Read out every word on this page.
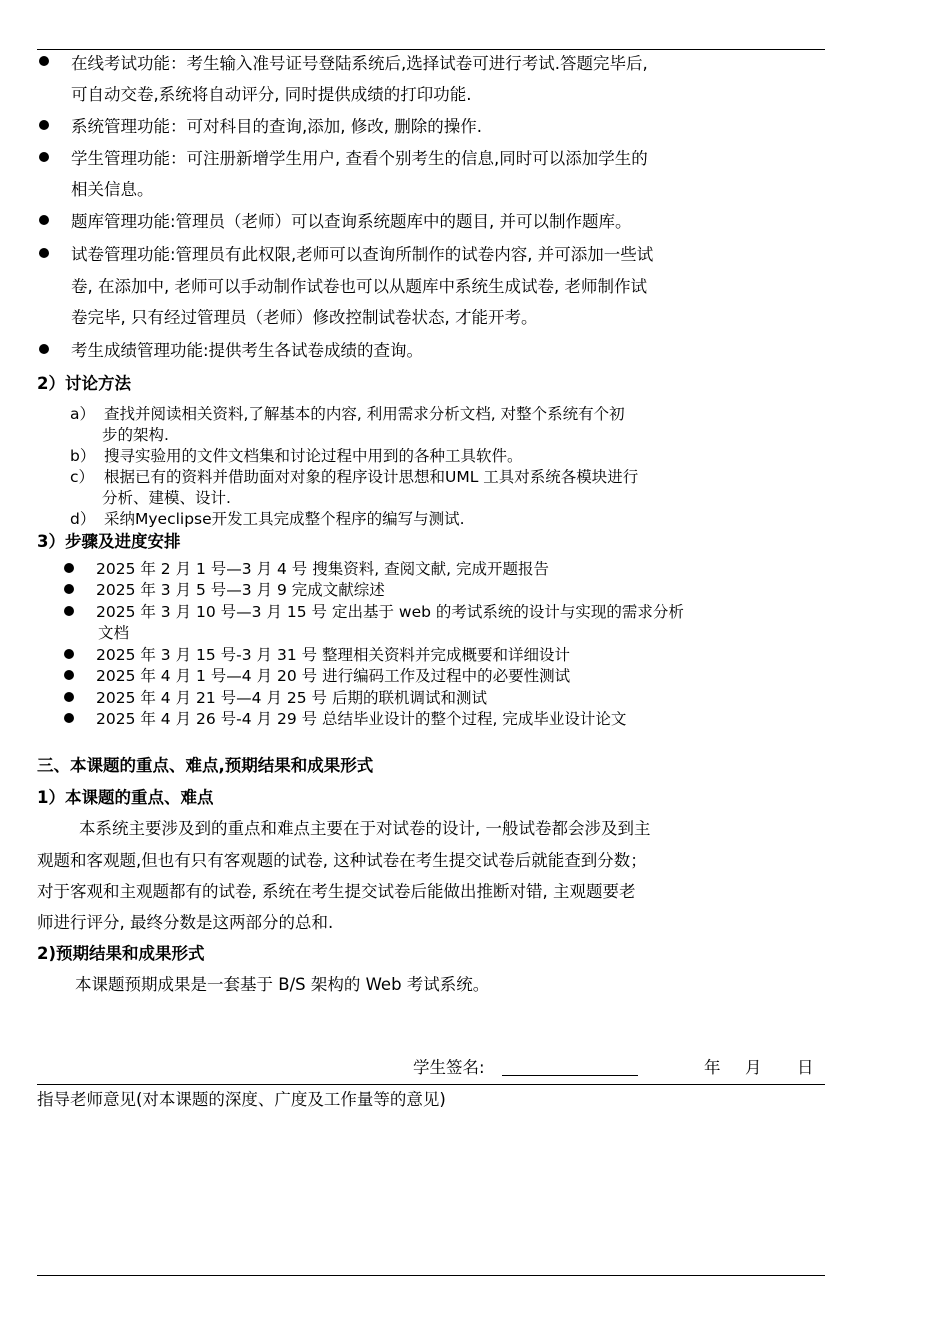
在线考试功能：考生输入准号证号登陆系统后,选择试卷可进行考试.答题完毕后,
可自动交卷,系统将自动评分, 同时提供成绩的打印功能.
系统管理功能：可对科目的查询,添加, 修改, 删除的操作.
学生管理功能：可注册新增学生用户, 查看个别考生的信息,同时可以添加学生的
相关信息。
题库管理功能:管理员（老师）可以查询系统题库中的题目, 并可以制作题库。
试卷管理功能:管理员有此权限,老师可以查询所制作的试卷内容, 并可添加一些试
卷, 在添加中, 老师可以手动制作试卷也可以从题库中系统生成试卷, 老师制作试
卷完毕, 只有经过管理员（老师）修改控制试卷状态, 才能开考。
考生成绩管理功能:提供考生各试卷成绩的查询。
2）讨论方法
a） 查找并阅读相关资料,了解基本的内容, 利用需求分析文档, 对整个系统有个初
步的架构.
b） 搜寻实验用的文件文档集和讨论过程中用到的各种工具软件。
c） 根据已有的资料并借助面对对象的程序设计思想和UML 工具对系统各模块进行
分析、建模、设计.
d） 采纳Myeclipse开发工具完成整个程序的编写与测试.
3）步骤及进度安排
2025 年 2 月 1 号—3 月 4 号 搜集资料, 查阅文献, 完成开题报告
2025 年 3 月 5 号—3 月 9 完成文献综述
2025 年 3 月 10 号—3 月 15 号 定出基于 web 的考试系统的设计与实现的需求分析
文档
2025 年 3 月 15 号-3 月 31 号 整理相关资料并完成概要和详细设计
2025 年 4 月 1 号—4 月 20 号 进行编码工作及过程中的必要性测试
2025 年 4 月 21 号—4 月 25 号 后期的联机调试和测试
2025 年 4 月 26 号-4 月 29 号 总结毕业设计的整个过程, 完成毕业设计论文
三、本课题的重点、难点,预期结果和成果形式
1）本课题的重点、难点
本系统主要涉及到的重点和难点主要在于对试卷的设计, 一般试卷都会涉及到主
观题和客观题,但也有只有客观题的试卷, 这种试卷在考生提交试卷后就能查到分数；
对于客观和主观题都有的试卷, 系统在考生提交试卷后能做出推断对错, 主观题要老
师进行评分, 最终分数是这两部分的总和.
2)预期结果和成果形式
本课题预期成果是一套基于 B/S 架构的 Web 考试系统。
学生签名:	年 月 日
指导老师意见(对本课题的深度、广度及工作量等的意见)
